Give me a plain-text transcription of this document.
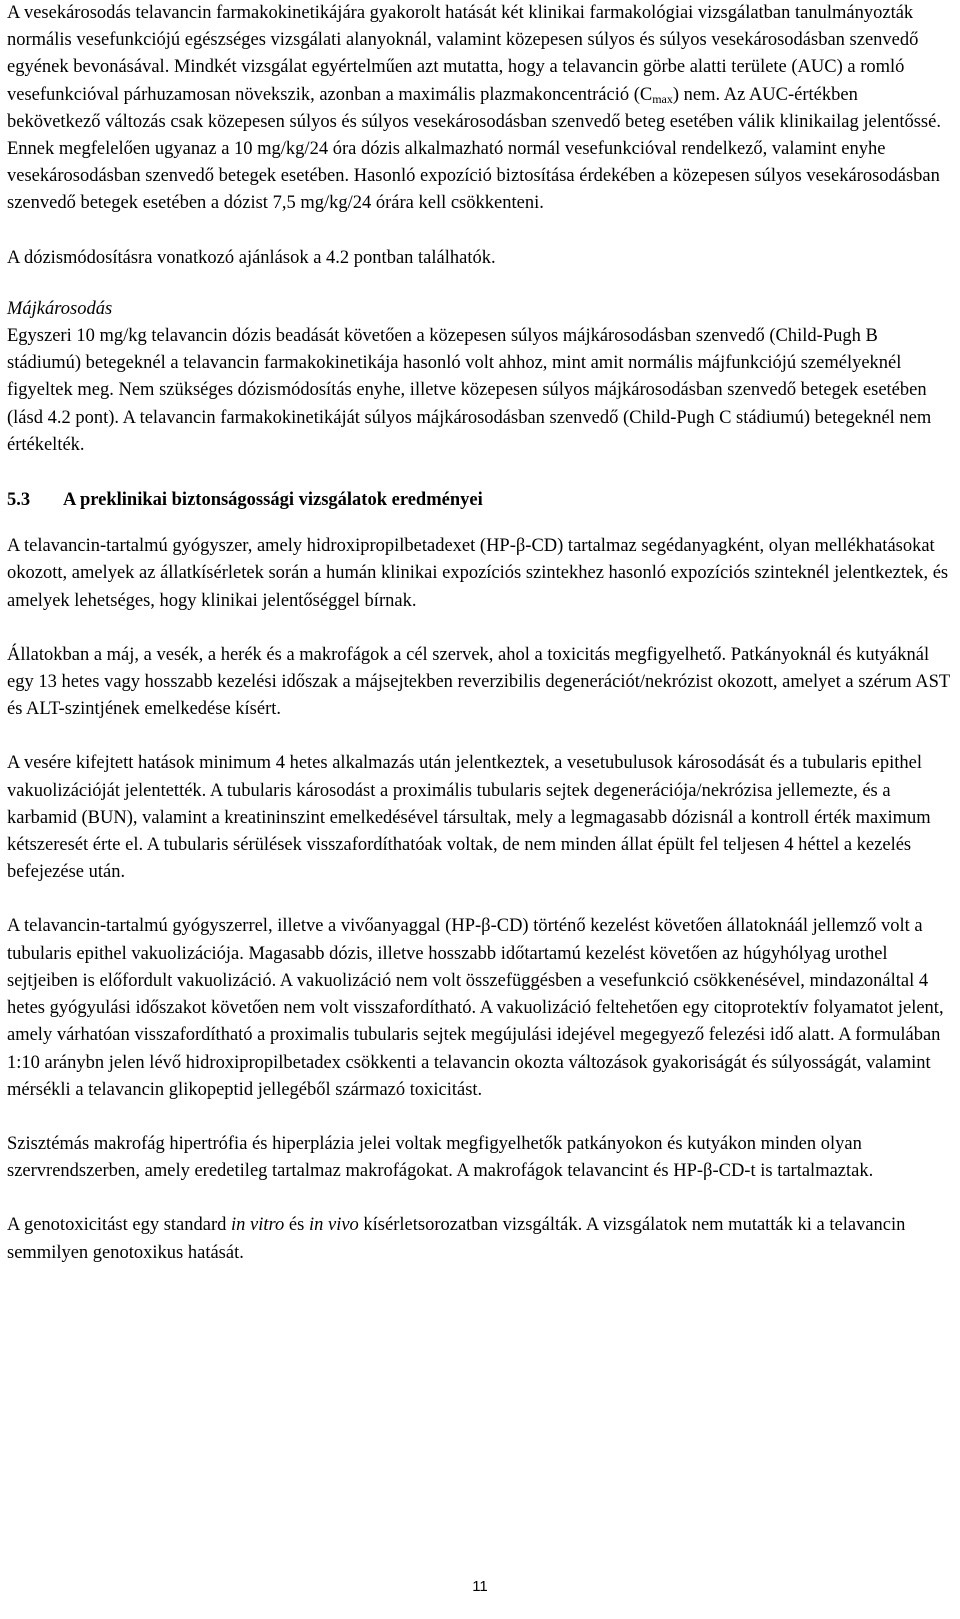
A vesekárosodás telavancin farmakokinetikájára gyakorolt hatását két klinikai farmakológiai vizsgálatban tanulmányozták normális vesefunkciójú egészséges vizsgálati alanyoknál, valamint közepesen súlyos és súlyos vesekárosodásban szenvedő egyének bevonásával. Mindkét vizsgálat egyértelműen azt mutatta, hogy a telavancin görbe alatti területe (AUC) a romló vesefunkcióval párhuzamosan növekszik, azonban a maximális plazmakoncentráció $(C_{max})$ nem. Az AUC-értékben bekövetkező változás csak közepesen súlyos és súlyos vesekárosodásban szenvedő beteg esetében válik klinikailag jelentőssé. Ennek megfelelően ugyanaz a 10 mg/kg/24 óra dózis alkalmazható normál vesefunkcióval rendelkező, valamint enyhe vesekárosodásban szenvedő betegek esetében. Hasonló expozíció biztosítása érdekében a közepesen súlyos vesekárosodásban szenvedő betegek esetében a dózist 7,5 mg/kg/24 órára kell csökkenteni.

A dózismódosításra vonatkozó ajánlások a 4.2 pontban találhatók.

Májkárosodás

Egyszeri 10 mg/kg telavancin dózis beadását követően a közepesen súlyos májkárosodásban szenvedő (Child-Pugh B stádiumú) betegeknél a telavancin farmakokinetikája hasonló volt ahhoz, mint amit normális májfunkciójú személyeknél figyeltek meg. Nem szükséges dózismódosítás enyhe, illetve közepesen súlyos májkárosodásban szenvedő betegek esetében (lásd 4.2 pont). A telavancin farmakokinetikáját súlyos májkárosodásban szenvedő (Child-Pugh C stádiumú) betegeknél nem értékelték.

5.3 A preklinikai biztonságossági vizsgálatok eredményei

A telavancin-tartalmú gyógyszer, amely hidroxipropilbetadexet (HP-β-CD) tartalmaz segédanyagként, olyan mellékhatásokat okozott, amelyek az állatkísérletek során a humán klinikai expozíciós szintekhez hasonló expozíciós szinteknél jelentkeztek, és amelyek lehetséges, hogy klinikai jelentőséggel bírnak.

Állatokban a máj, a vesék, a herék és a makrofágok a cél szervek, ahol a toxicitás megfigyelhető. Patkányoknál és kutyáknál egy 13 hetes vagy hosszabb kezelési időszak a májsejtekben reverzibilis degenerációt/nekrózist okozott, amelyet a szérum AST és ALT-szintjének emelkedése kísért.

A vesére kifejtett hatások minimum 4 hetes alkalmazás után jelentkeztek, a vesetubulusok károsodását és a tubularis epithel vakuolizációját jelentették. A tubularis károsodást a proximális tubularis sejtek degenerációja/nekrózisa jellemezte, és a karbamid (BUN), valamint a kreatininszint emelkedésével társultak, mely a legmagasabb dózisnál a kontroll érték maximum kétszeresét érte el. A tubularis sérülések visszafordíthatóak voltak, de nem minden állat épült fel teljesen 4 héttel a kezelés befejezése után.

A telavancin-tartalmú gyógyszerrel, illetve a vivőanyaggal (HP-β-CD) történő kezelést követően állatoknáál jellemző volt a tubularis epithel vakuolizációja. Magasabb dózis, illetve hosszabb időtartamú kezelést követően az húgyhólyag urothel sejtjeiben is előfordult vakuolizáció. A vakuolizáció nem volt összefüggésben a vesefunkció csökkenésével, mindazonáltal 4 hetes gyógyulási időszakot követően nem volt visszafordítható. A vakuolizáció feltehetően egy citoprotektív folyamatot jelent, amely várhatóan visszafordítható a proximalis tubularis sejtek megújulási idejével megegyező felezési idő alatt. A formulában 1:10 aránybn jelen lévő hidroxipropilbetadex csökkenti a telavancin okozta változások gyakoriságát és súlyosságát, valamint mérsékli a telavancin glikopeptid jellegéből származó toxicitást.

Szisztémás makrofág hipertrófia és hiperplázia jelei voltak megfigyelhetők patkányokon és kutyákon minden olyan szervrendszerben, amely eredetileg tartalmaz makrofágokat. A makrofágok telavancint és HP-β-CD-t is tartalmaztak.

A genotoxicitást egy standard in vitro és in vivo kísérletsorozatban vizsgálták. A vizsgálatok nem mutatták ki a telavancin semmilyen genotoxikus hatását.

11
